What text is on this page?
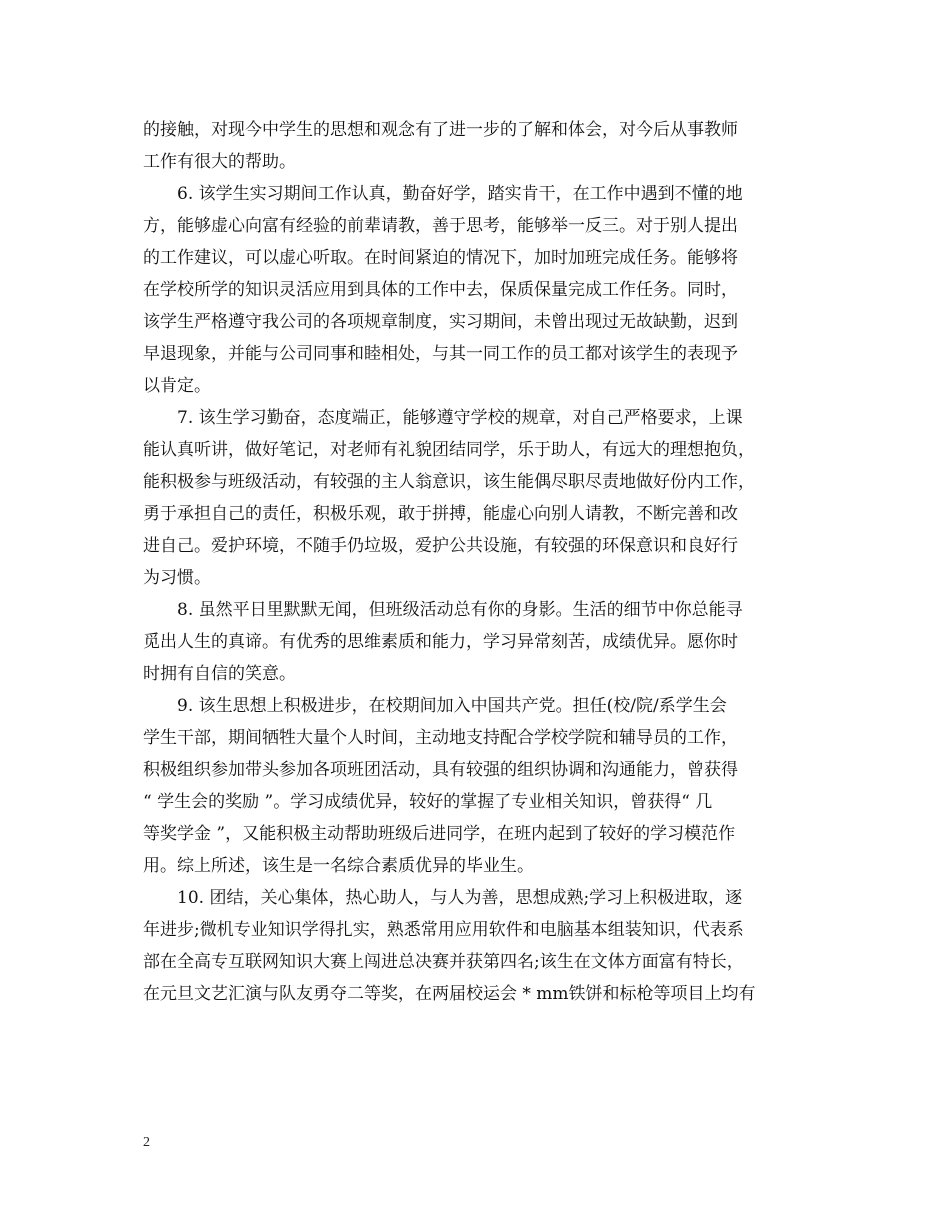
的接触，对现今中学生的思想和观念有了进一步的了解和体会，对今后从事教师
工作有很大的帮助。
6. 该学生实习期间工作认真，勤奋好学，踏实肯干，在工作中遇到不懂的地
方，能够虚心向富有经验的前辈请教，善于思考，能够举一反三。对于别人提出
的工作建议，可以虚心听取。在时间紧迫的情况下，加时加班完成任务。能够将
在学校所学的知识灵活应用到具体的工作中去，保质保量完成工作任务。同时，
该学生严格遵守我公司的各项规章制度，实习期间，未曾出现过无故缺勤，迟到
早退现象，并能与公司同事和睦相处，与其一同工作的员工都对该学生的表现予
以肯定。
7. 该生学习勤奋，态度端正，能够遵守学校的规章，对自己严格要求，上课
能认真听讲，做好笔记，对老师有礼貌团结同学，乐于助人，有远大的理想抱负，
能积极参与班级活动，有较强的主人翁意识，该生能偶尽职尽责地做好份内工作，
勇于承担自己的责任，积极乐观，敢于拼搏，能虚心向别人请教，不断完善和改
进自己。爱护环境，不随手仍垃圾，爱护公共设施，有较强的环保意识和良好行
为习惯。
8. 虽然平日里默默无闻，但班级活动总有你的身影。生活的细节中你总能寻
觅出人生的真谛。有优秀的思维素质和能力，学习异常刻苦，成绩优异。愿你时
时拥有自信的笑意。
9. 该生思想上积极进步，在校期间加入中国共产党。担任(校/院/系学生会
学生干部，期间牺牲大量个人时间，主动地支持配合学校学院和辅导员的工作，
积极组织参加带头参加各项班团活动，具有较强的组织协调和沟通能力，曾获得
“ 学生会的奖励 ”。学习成绩优异，较好的掌握了专业相关知识，曾获得“ 几
等奖学金 ”，又能积极主动帮助班级后进同学，在班内起到了较好的学习模范作
用。综上所述，该生是一名综合素质优异的毕业生。
10. 团结，关心集体，热心助人，与人为善，思想成熟;学习上积极进取，逐
年进步;微机专业知识学得扎实，熟悉常用应用软件和电脑基本组装知识，代表系
部在全高专互联网知识大赛上闯进总决赛并获第四名;该生在文体方面富有特长，
在元旦文艺汇演与队友勇夺二等奖，在两届校运会 * mm铁饼和标枪等项目上均有
2
